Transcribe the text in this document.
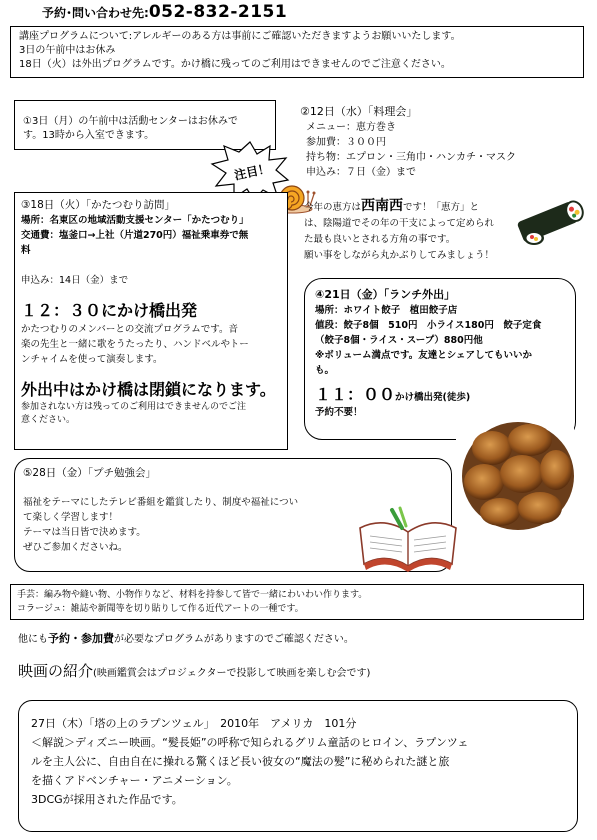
予約･問い合わせ先:052-832-2151
講座プログラムについて:アレルギーのある方は事前にご確認いただきますようお願いいたします。
3日の午前中はお休み
18日（火）は外出プログラムです。かけ橋に残ってのご利用はできませんのでご注意ください。
①3日（月）の午前中は活動センターはお休みで
す。13時から入室できます。
②12日（水）「料理会」
メニュー：恵方巻き
参加費：３００円
持ち物：エプロン・三角巾・ハンカチ・マスク
申込み：７日（金）まで
注目！
③18日（火）「かたつむり訪問」
場所：名東区の地域活動支援センター「かたつむり」
交通費：塩釜口→上社（片道270円）福祉乗車券で無
料
申込み：14日（金）まで
１２：３０にかけ橋出発
かたつむりのメンバーとの交流プログラムです。音
楽の先生と一緒に歌をうたったり、ハンドベルやトー
ンチャイムを使って演奏します。
外出中はかけ橋は閉鎖になります。
参加されない方は残ってのご利用はできませんのでご注
意ください。
今年の恵方は西南西です！「恵方」と
は、陰陽道でその年の干支によって定められ
た最も良いとされる方角の事です。
願い事をしながら丸かぶりしてみましょう！
④21日（金）「ランチ外出」
場所：ホワイト餃子　植田餃子店
値段：餃子8個　510円　小ライス180円　餃子定食
（餃子8個・ライス・スープ）880円他
※ボリューム満点です。友達とシェアしてもいいか
も。
１１：００かけ橋出発(徒歩)
予約不要！
⑤28日（金）「プチ勉強会」
福祉をテーマにしたテレビ番組を鑑賞したり、制度や福祉につい
て楽しく学習します！
テーマは当日皆で決めます。
ぜひご参加くださいね。
手芸：編み物や縫い物、小物作りなど、材料を持参して皆で一緒にわいわい作ります。
コラージュ：雑誌や新聞等を切り貼りして作る近代アートの一種です。
他にも予約・参加費が必要なプログラムがありますのでご確認ください。
映画の紹介(映画鑑賞会はプロジェクターで投影して映画を楽しむ会です)
27日（木）「塔の上のラプンツェル」　2010年　アメリカ　101分
＜解説＞ディズニー映画。“髪長姫”の呼称で知られるグリム童話のヒロイン、ラプンツェ
ルを主人公に、自由自在に操れる驚くほど長い彼女の“魔法の髪”に秘められた謎と旅
を描くアドベンチャー・アニメーション。
3DCGが採用された作品です。
